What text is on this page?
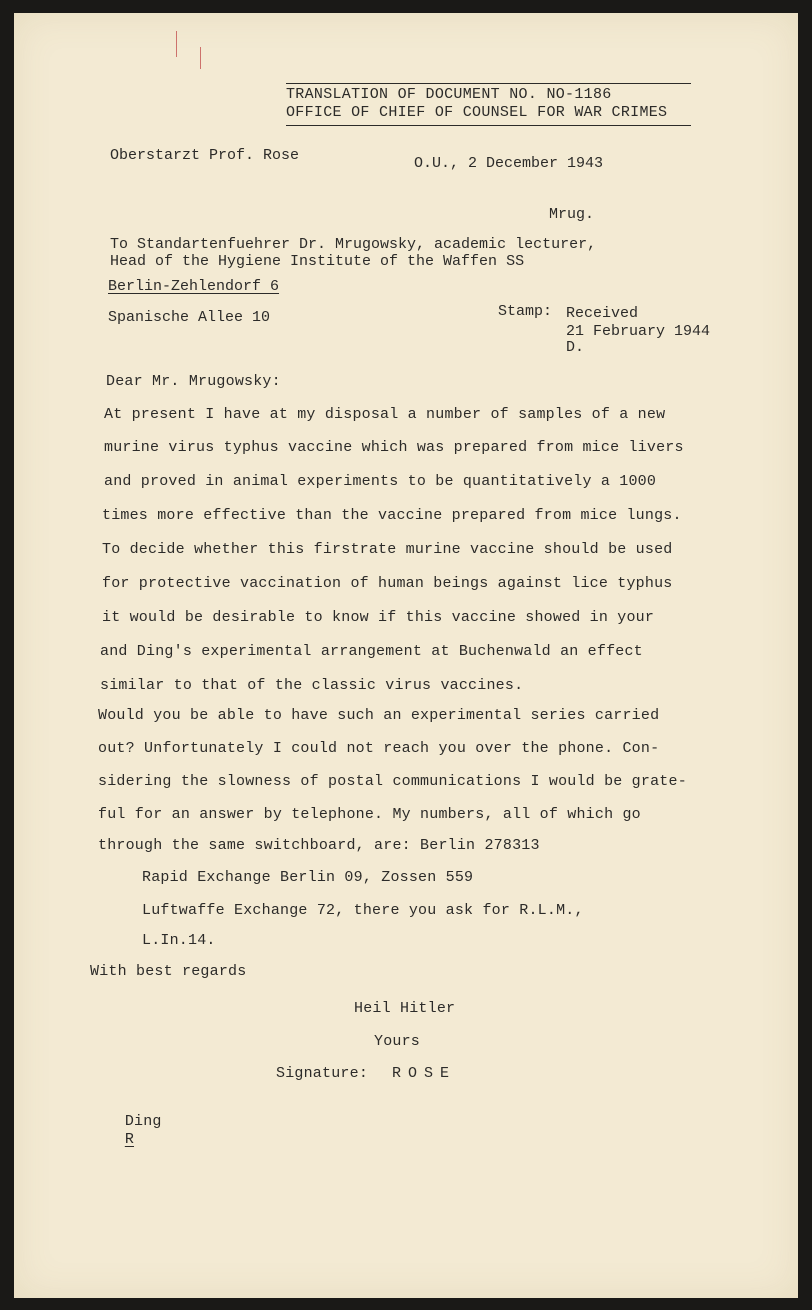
TRANSLATION OF DOCUMENT NO. NO-1186
OFFICE OF CHIEF OF COUNSEL FOR WAR CRIMES
Oberstarzt Prof. Rose	O.U., 2 December 1943
Mrug.
To Standartenfuehrer Dr. Mrugowsky, academic lecturer,
Head of the Hygiene Institute of the Waffen SS
Berlin-Zehlendorf 6
Spanische Allee 10	Stamp: Received
21 February 1944
D.
Dear Mr. Mrugowsky:
At present I have at my disposal a number of samples of a new
murine virus typhus vaccine which was prepared from mice livers
and proved in animal experiments to be quantitatively a 1000
times more effective than the vaccine prepared from mice lungs.
To decide whether this firstrate murine vaccine should be used
for protective vaccination of human beings against lice typhus
it would be desirable to know if this vaccine showed in your
and Ding's experimental arrangement at Buchenwald an effect
similar to that of the classic virus vaccines.
Would you be able to have such an experimental series carried
out? Unfortunately I could not reach you over the phone. Con-
sidering the slowness of postal communications I would be grate-
ful for an answer by telephone. My numbers, all of which go
through the same switchboard, are: Berlin 278313
Rapid Exchange Berlin 09, Zossen 559
Luftwaffe Exchange 72, there you ask for R.L.M.,
L.In.14.
With best regards
Heil Hitler
Yours
Signature: ROSE

Ding
R
